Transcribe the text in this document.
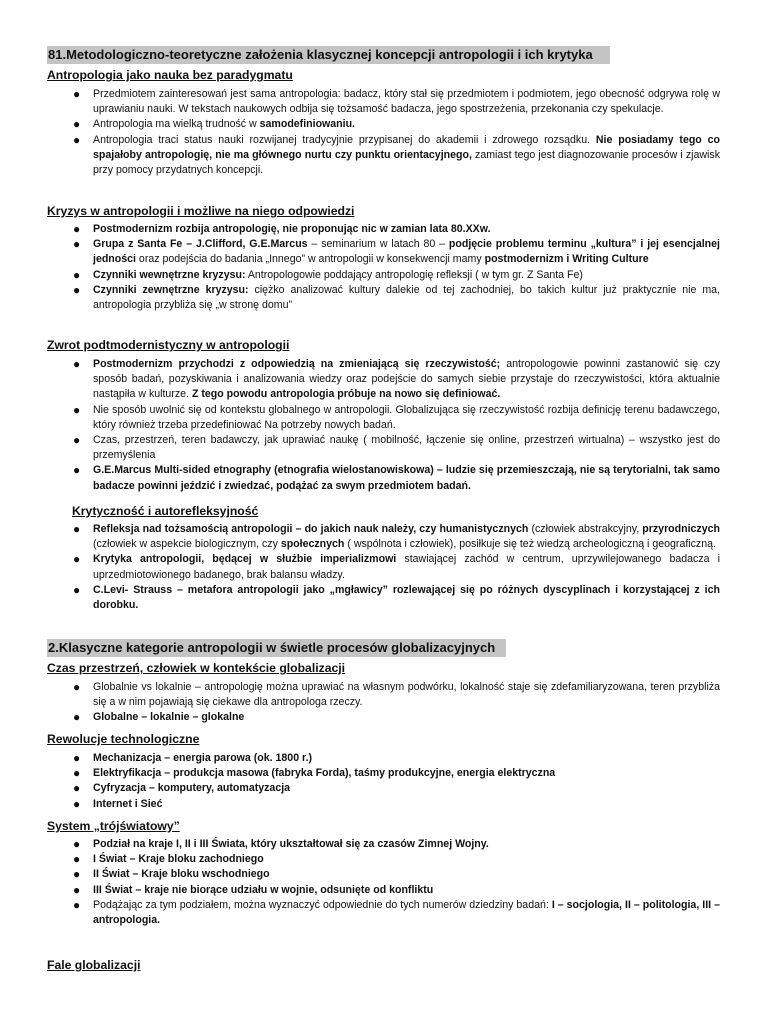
81.Metodologiczno-teoretyczne założenia klasycznej koncepcji antropologii i ich krytyka
Antropologia jako nauka bez paradygmatu
● Przedmiotem zainteresowań jest sama antropologia: badacz, który stał się przedmiotem i podmiotem, jego obecność odgrywa rolę w uprawianiu nauki. W tekstach naukowych odbija się tożsamość badacza, jego spostrzeżenia, przekonania czy spekulacje.
● Antropologia ma wielką trudność w samodefiniowaniu.
● Antropologia traci status nauki rozwijanej tradycyjnie przypisanej do akademii i zdrowego rozsądku. Nie posiadamy tego co spajałoby antropologię, nie ma głównego nurtu czy punktu orientacyjnego, zamiast tego jest diagnozowanie procesów i zjawisk przy pomocy przydatnych koncepcji.
Kryzys w antropologii i możliwe na niego odpowiedzi
● Postmodernizm rozbija antropologię, nie proponując nic w zamian lata 80.XXw.
● Grupa z Santa Fe – J.Clifford, G.E.Marcus – seminarium w latach 80 – podjęcie problemu terminu „kultura” i jej esencjalnej jedności oraz podejścia do badania „Innego” w antropologii w konsekwencji mamy postmodernizm i Writing Culture
● Czynniki wewnętrzne kryzysu: Antropologowie poddający antropologię refleksji ( w tym gr. Z Santa Fe)
● Czynniki zewnętrzne kryzysu: ciężko analizować kultury dalekie od tej zachodniej, bo takich kultur już praktycznie nie ma, antropologia przybliża się „w stronę domu”
Zwrot podtmodernistyczny w antropologii
● Postmodernizm przychodzi z odpowiedzią na zmieniającą się rzeczywistość; antropologowie powinni zastanowić się czy sposób badań, pozyskiwania i analizowania wiedzy oraz podejście do samych siebie przystaje do rzeczywistości, która aktualnie nastąpiła w kulturze. Z tego powodu antropologia próbuje na nowo się definiować.
● Nie sposób uwolnić się od kontekstu globalnego w antropologii. Globalizująca się rzeczywistość rozbija definicję terenu badawczego, który również trzeba przedefiniować Na potrzeby nowych badań.
● Czas, przestrzeń, teren badawczy, jak uprawiać naukę ( mobilność, łączenie się online, przestrzeń wirtualna) – wszystko jest do przemyślenia
● G.E.Marcus Multi-sided etnography (etnografia wielostanowiskowa) – ludzie się przemieszczają, nie są terytorialni, tak samo badacze powinni jeździć i zwiedzać, podążać za swym przedmiotem badań.
Krytyczność i autorefleksyjność
● Refleksja nad tożsamością antropologii – do jakich nauk należy, czy humanistycznych (człowiek abstrakcyjny, przyrodniczych (człowiek w aspekcie biologicznym, czy społecznych ( wspólnota i człowiek), posiłkuje się też wiedzą archeologiczną i geograficzną.
● Krytyka antropologii, będącej w służbie imperializmowi stawiającej zachód w centrum, uprzywilejowanego badacza i uprzedmiotowionego badanego, brak balansu władzy.
● C.Levi- Strauss – metafora antropologii jako „mgławicy” rozlewającej się po różnych dyscyplinach i korzystającej z ich dorobku.
2.Klasyczne kategorie antropologii w świetle procesów globalizacyjnych
Czas przestrzeń, człowiek w kontekście globalizacji
● Globalnie vs lokalnie – antropologię można uprawiać na własnym podwórku, lokalność staje się zdefamiliaryzowana, teren przybliża się a w nim pojawiają się ciekawe dla antropologa rzeczy.
● Globalne – lokalnie – glokalne
Rewolucje technologiczne
● Mechanizacja – energia parowa (ok. 1800 r.)
● Elektryfikacja – produkcja masowa (fabryka Forda), taśmy produkcyjne, energia elektryczna
● Cyfryzacja – komputery, automatyzacja
● Internet i Sieć
System „trójświatowy”
● Podział na kraje I, II i III Świata, który ukształtował się za czasów Zimnej Wojny.
● I Świat – Kraje bloku zachodniego
● II Świat – Kraje bloku wschodniego
● III Świat – kraje nie biorące udziału w wojnie, odsunięte od konfliktu
● Podążając za tym podziałem, można wyznaczyć odpowiednie do tych numerów dziedziny badań: I – socjologia, II – politologia, III – antropologia.
Fale globalizacji
